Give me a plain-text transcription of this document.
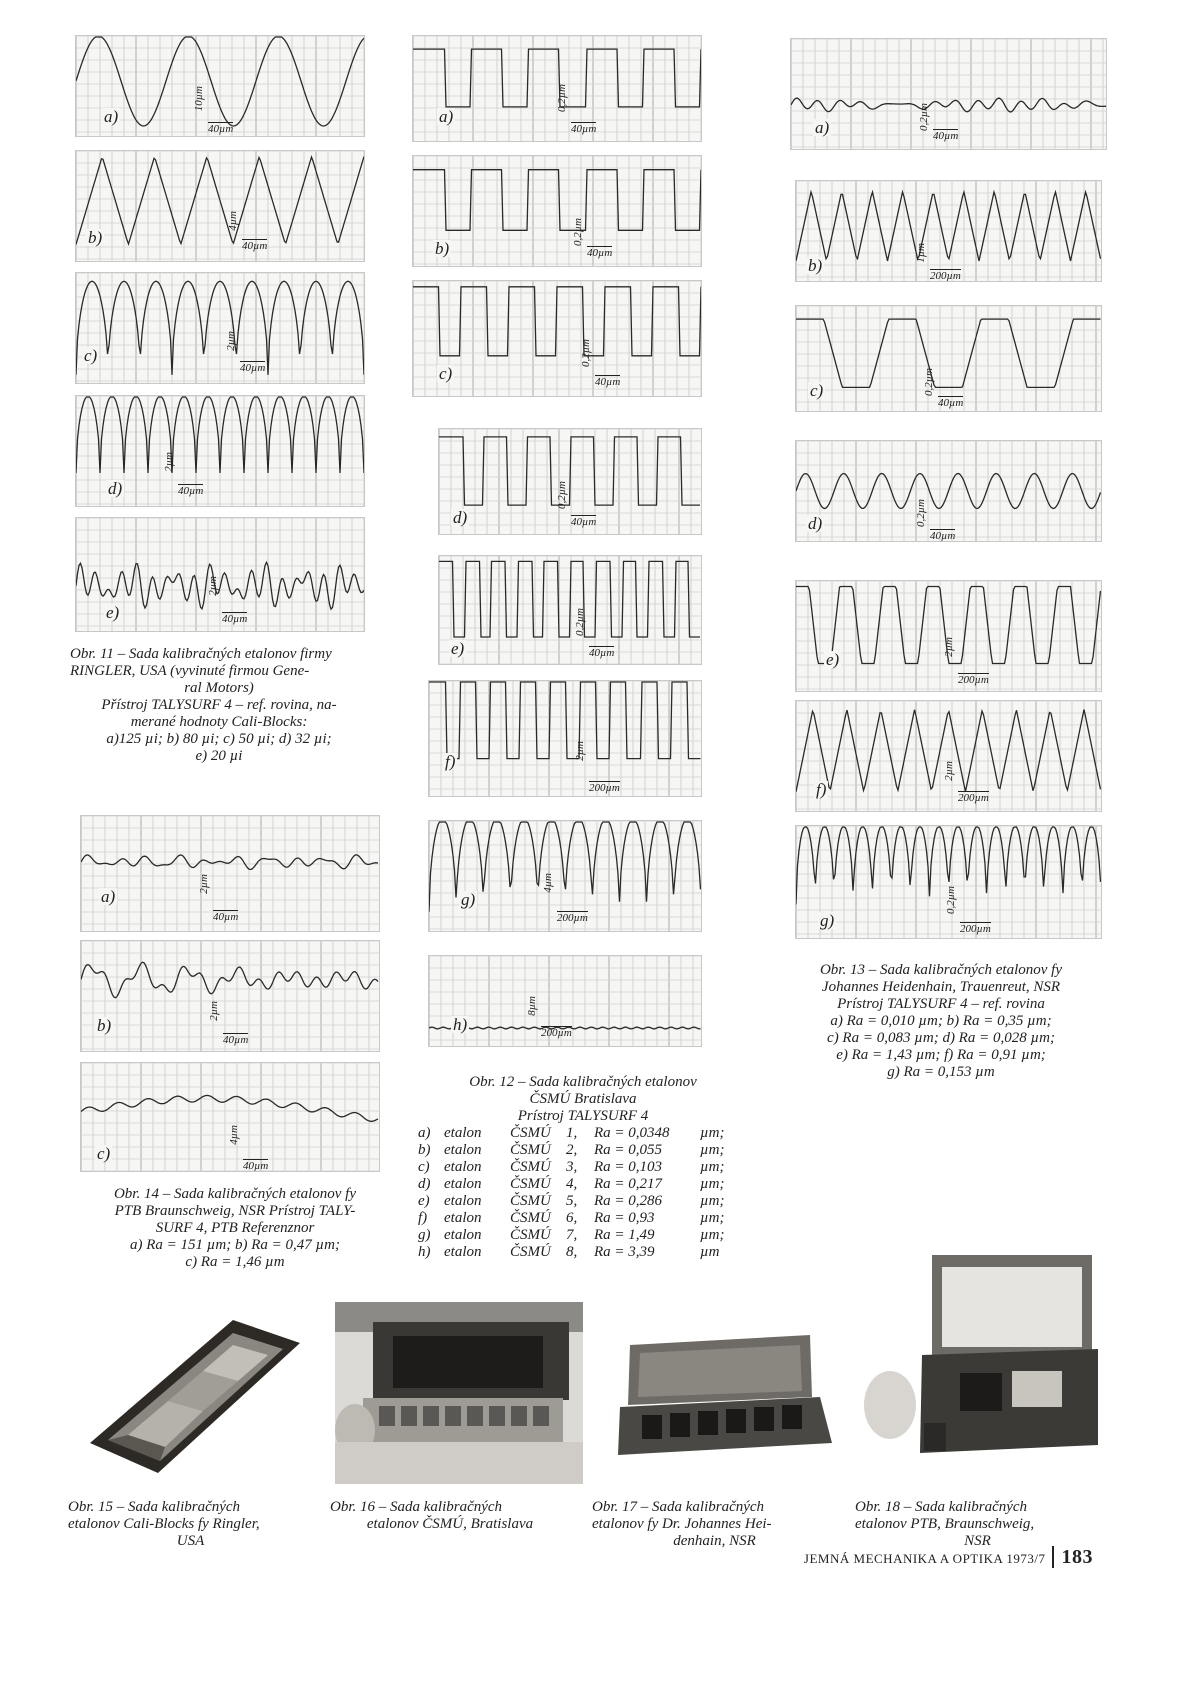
a)
10µm
40µm
b)
4µm
40µm
c)
2µm
40µm
d)
2µm
40µm
e)
2µm
40µm
Obr. 11 – Sada kalibračných etalonov firmy
RINGLER, USA (vyvinuté firmou Gene-
ral Motors)
Přístroj TALYSURF 4 – ref. rovina, na-
merané hodnoty Cali-Blocks:
a)125 µi; b) 80 µi; c) 50 µi; d) 32 µi;
e) 20 µi
a)
0,2µm
40µm
b)
0,2µm
40µm
c)
0,2µm
40µm
d)
0,2µm
40µm
e)
0,2µm
40µm
f)
2µm
200µm
g)
4µm
200µm
h)
8µm
200µm
Obr. 12 – Sada kalibračných etalonov
ČSMÚ Bratislava
Prístroj TALYSURF 4
a) etalon ČSMÚ 1, Ra = 0,0348 µm;
b) etalon ČSMÚ 2, Ra = 0,055	µm;
c) etalon ČSMÚ 3, Ra = 0,103	µm;
d) etalon ČSMÚ 4, Ra = 0,217	µm;
e) etalon ČSMÚ 5, Ra = 0,286	µm;
f) etalon ČSMÚ 6, Ra = 0,93	µm;
g) etalon ČSMÚ 7, Ra = 1,49	µm;
h) etalon ČSMÚ 8, Ra = 3,39	µm
a)	0,2µm
40µm
b)
1µm
200µm
c)	0,2µm
40µm
d)	0,2µm
40µm
e)
2µm
200µm
f)
2µm
200µm
g)
0,2µm
200µm
Obr. 13 – Sada kalibračných etalonov fy
Johannes Heidenhain, Trauenreut, NSR
Prístroj TALYSURF 4 – ref. rovina
a) Ra = 0,010 µm; b) Ra = 0,35 µm;
c) Ra = 0,083 µm; d) Ra = 0,028 µm;
e) Ra = 1,43 µm; f) Ra = 0,91 µm;
g) Ra = 0,153 µm
a)
2µm
40µm
b)
2µm
40µm
c)
4µm
40µm
Obr. 14 – Sada kalibračných etalonov fy
PTB Braunschweig, NSR Prístroj TALY-
SURF 4, PTB Referenznor
a) Ra = 151 µm; b) Ra = 0,47 µm;
c) Ra = 1,46 µm
Obr. 15 – Sada kalibračných
etalonov Cali-Blocks fy Ringler,
USA
Obr. 16 – Sada kalibračných
etalonov ČSMÚ, Bratislava
Obr. 17 – Sada kalibračných
etalonov fy Dr. Johannes Hei-
denhain, NSR
Obr. 18 – Sada kalibračných
etalonov PTB, Braunschweig,
NSR
JEMNÁ MECHANIKA A OPTIKA 1973/7 183
